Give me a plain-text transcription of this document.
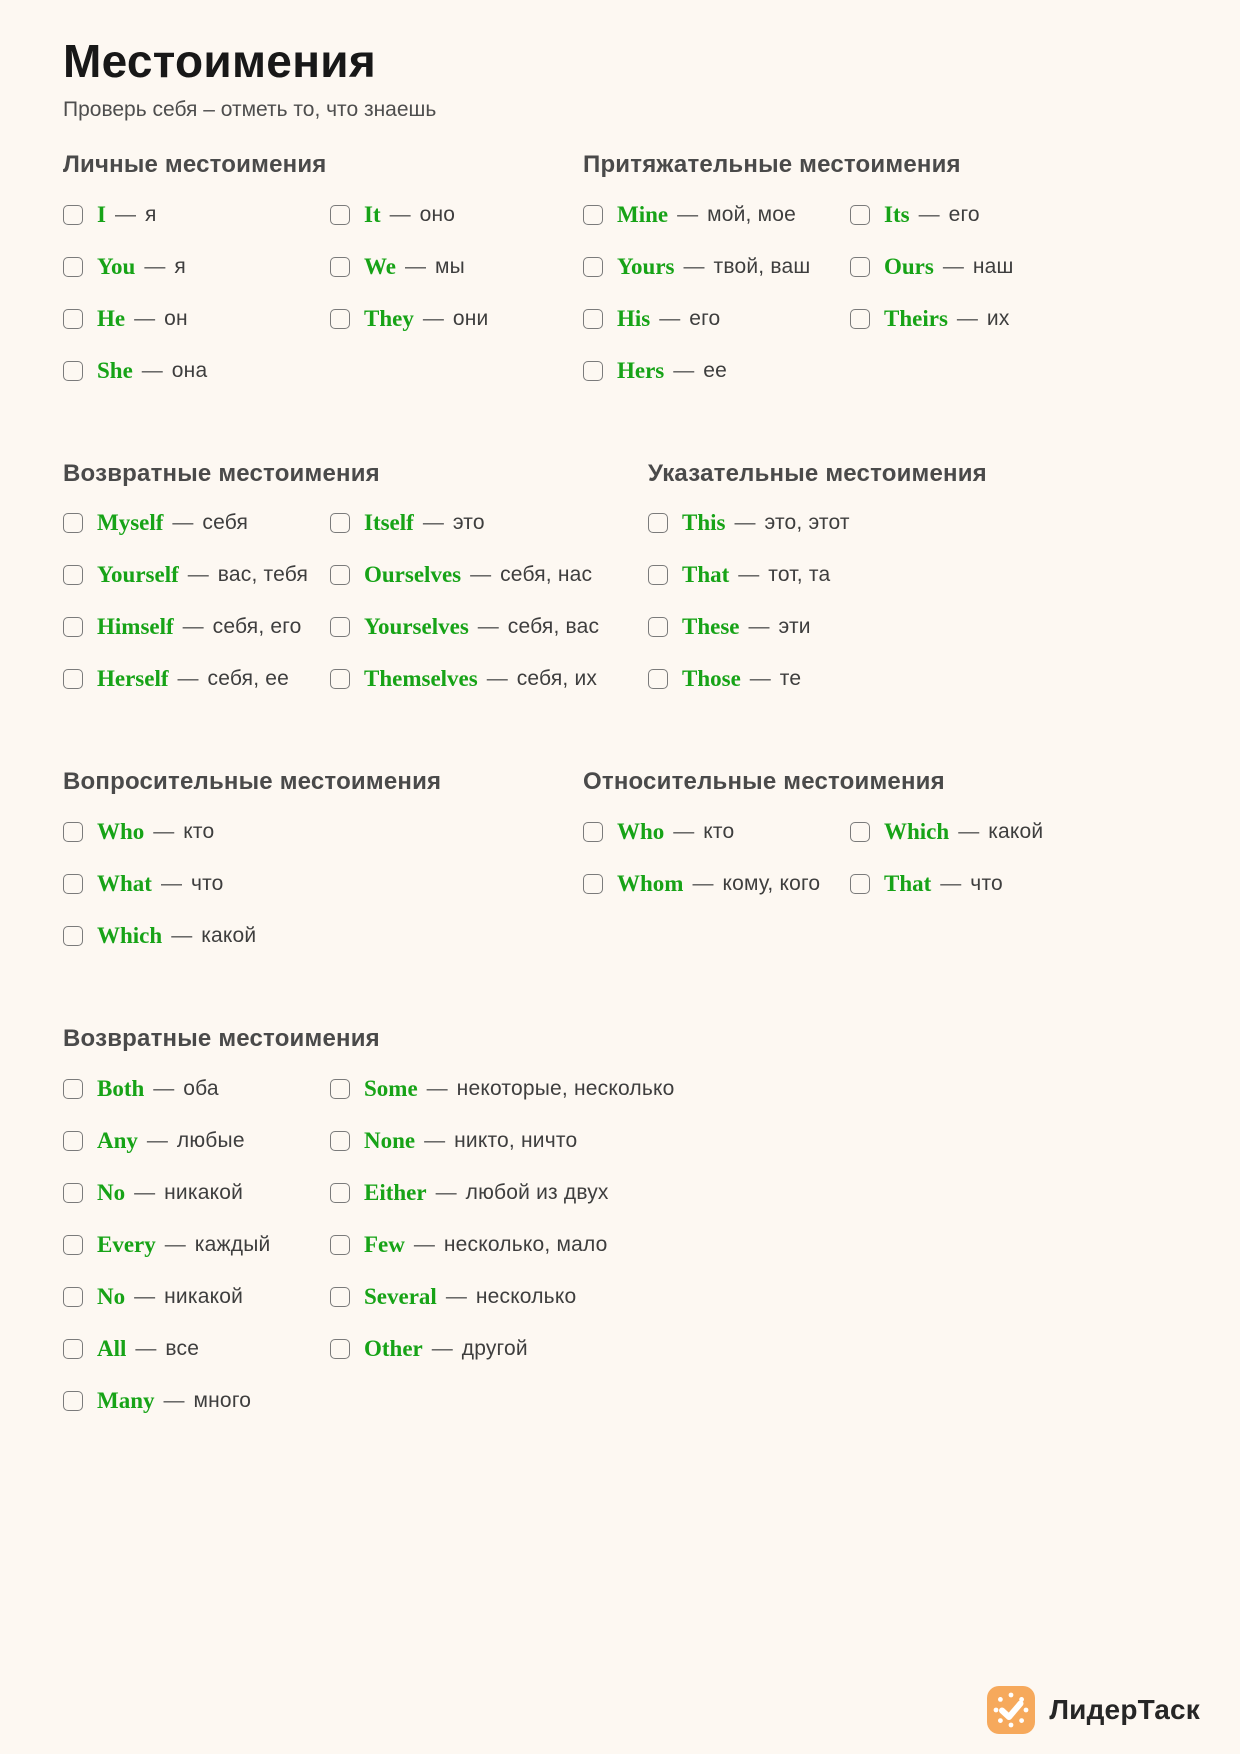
Местоимения

Проверь себя – отметь то, что знаешь

Личные местоимения
I — я
You — я
He — он
She — она
It — оно
We — мы
They — они
Притяжательные местоимения
Mine — мой, мое
Yours — твой, ваш
His — его
Hers — ее
Its — его
Ours — наш
Theirs — их
Возвратные местоимения
Myself — себя
Yourself — вас, тебя
Himself — себя, его
Herself — себя, ее
Itself — это
Ourselves — себя, нас
Yourselves — себя, вас
Themselves — себя, их
Указательные местоимения
This — это, этот
That — тот, та
These — эти
Those — те
Вопросительные местоимения
Who — кто
What — что
Which — какой
Относительные местоимения
Who — кто
Whom — кому, кого
Which — какой
That — что
Возвратные местоимения
Both — оба
Any — любые
No — никакой
Every — каждый
No — никакой
All — все
Many — много
Some — некоторые, несколько
None — никто, ничто
Either — любой из двух
Few — несколько, мало
Several — несколько
Other — другой
ЛидерТаск
